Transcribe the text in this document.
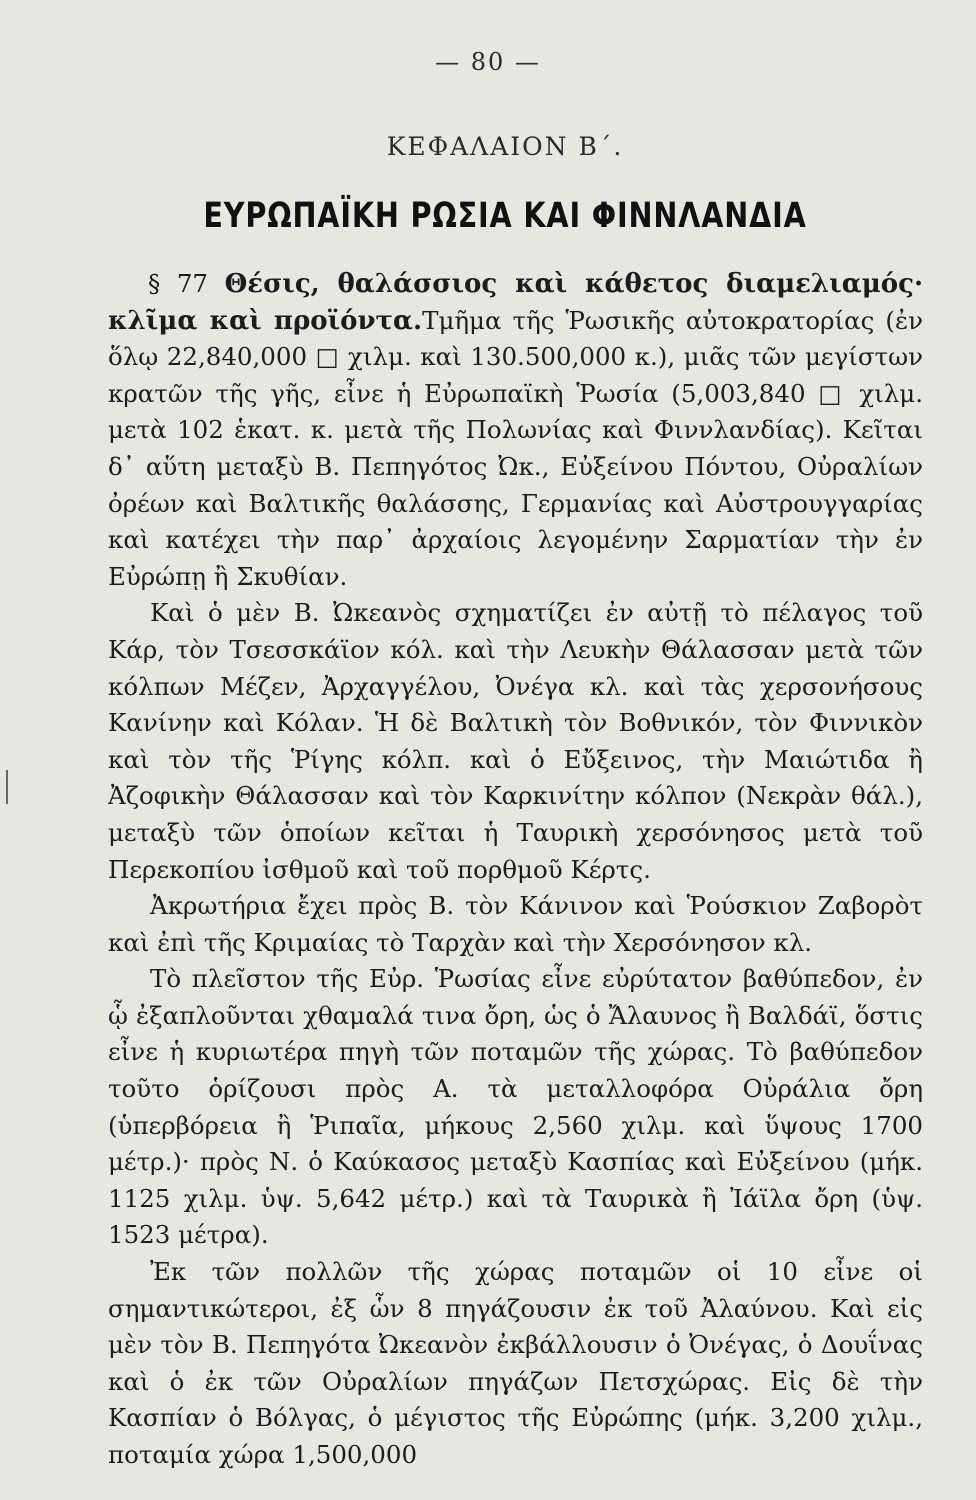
— 80 —
ΚΕΦΑΛΑΙΟΝ Β΄.
ΕΥΡΩΠΑΪΚΗ ΡΩΣΙΑ ΚΑΙ ΦΙΝΝΛΑΝΔΙΑ

§ 77 Θέσις, θαλάσσιος καὶ κάθετος διαμελιαμός· κλῖμα καὶ προϊόντα.Τμῆμα τῆς Ῥωσικῆς αὐτοκρατορίας (ἐν ὅλῳ 22,840,000 □ χιλμ. καὶ 130.500,000 κ.), μιᾶς τῶν μεγίστων κρατῶν τῆς γῆς, εἶνε ἡ Εὐρωπαϊκὴ Ῥωσία (5,003,840 □ χιλμ. μετὰ 102 ἑκατ. κ. μετὰ τῆς Πολωνίας καὶ Φιννλανδίας). Κεῖται δ᾽ αὕτη μεταξὺ Β. Πεπηγότος Ὠκ., Εὐξείνου Πόντου, Οὐραλίων ὀρέων καὶ Βαλτικῆς θαλάσσης, Γερμανίας καὶ Αὐστρουγγαρίας καὶ κατέχει τὴν παρ᾽ ἀρχαίοις λεγομένην Σαρματίαν τὴν ἐν Εὐρώπῃ ἢ Σκυθίαν.

Καὶ ὁ μὲν Β. Ὠκεανὸς σχηματίζει ἐν αὐτῇ τὸ πέλαγος τοῦ Κάρ, τὸν Τσεσσκάϊον κόλ. καὶ τὴν Λευκὴν Θάλασσαν μετὰ τῶν κόλπων Μέζεν, Ἀρχαγγέλου, Ὀνέγα κλ. καὶ τὰς χερσονήσους Κανίνην καὶ Κόλαν. Ἡ δὲ Βαλτικὴ τὸν Βοθνικόν, τὸν Φιννικὸν καὶ τὸν τῆς Ῥίγης κόλπ. καὶ ὁ Εὔξεινος, τὴν Μαιώτιδα ἢ Ἀζοφικὴν Θάλασσαν καὶ τὸν Καρκινίτην κόλπον (Νεκρὰν θάλ.), μεταξὺ τῶν ὁποίων κεῖται ἡ Ταυρικὴ χερσόνησος μετὰ τοῦ Περεκοπίου ἰσθμοῦ καὶ τοῦ πορθμοῦ Κέρτς.

Ἀκρωτήρια ἔχει πρὸς Β. τὸν Κάνινον καὶ Ῥούσκιον Ζαβορὸτ καὶ ἐπὶ τῆς Κριμαίας τὸ Ταρχὰν καὶ τὴν Χερσόνησον κλ.

Τὸ πλεῖστον τῆς Εὐρ. Ῥωσίας εἶνε εὐρύτατον βαθύπεδον, ἐν ᾧ ἐξαπλοῦνται χθαμαλά τινα ὄρη, ὡς ὁ Ἄλαυνος ἢ Βαλδάϊ, ὅστις εἶνε ἡ κυριωτέρα πηγὴ τῶν ποταμῶν τῆς χώρας. Τὸ βαθύπεδον τοῦτο ὁρίζουσι πρὸς Α. τὰ μεταλλοφόρα Οὐράλια ὄρη (ὑπερβόρεια ἢ Ῥιπαῖα, μήκους 2,560 χιλμ. καὶ ὕψους 1700 μέτρ.)· πρὸς Ν. ὁ Καύκασος μεταξὺ Κασπίας καὶ Εὐξείνου (μήκ. 1125 χιλμ. ὑψ. 5,642 μέτρ.) καὶ τὰ Ταυρικὰ ἢ Ἰάϊλα ὄρη (ὑψ. 1523 μέτρα).

Ἐκ τῶν πολλῶν τῆς χώρας ποταμῶν οἱ 10 εἶνε οἱ σημαντικώτεροι, ἐξ ὧν 8 πηγάζουσιν ἐκ τοῦ Ἀλαύνου. Καὶ εἰς μὲν τὸν Β. Πεπηγότα Ὠκεανὸν ἐκβάλλουσιν ὁ Ὀνέγας, ὁ Δουΐνας καὶ ὁ ἐκ τῶν Οὐραλίων πηγάζων Πετσχώρας. Εἰς δὲ τὴν Κασπίαν ὁ Βόλγας, ὁ μέγιστος τῆς Εὐρώπης (μήκ. 3,200 χιλμ., ποταμία χώρα 1,500,000
